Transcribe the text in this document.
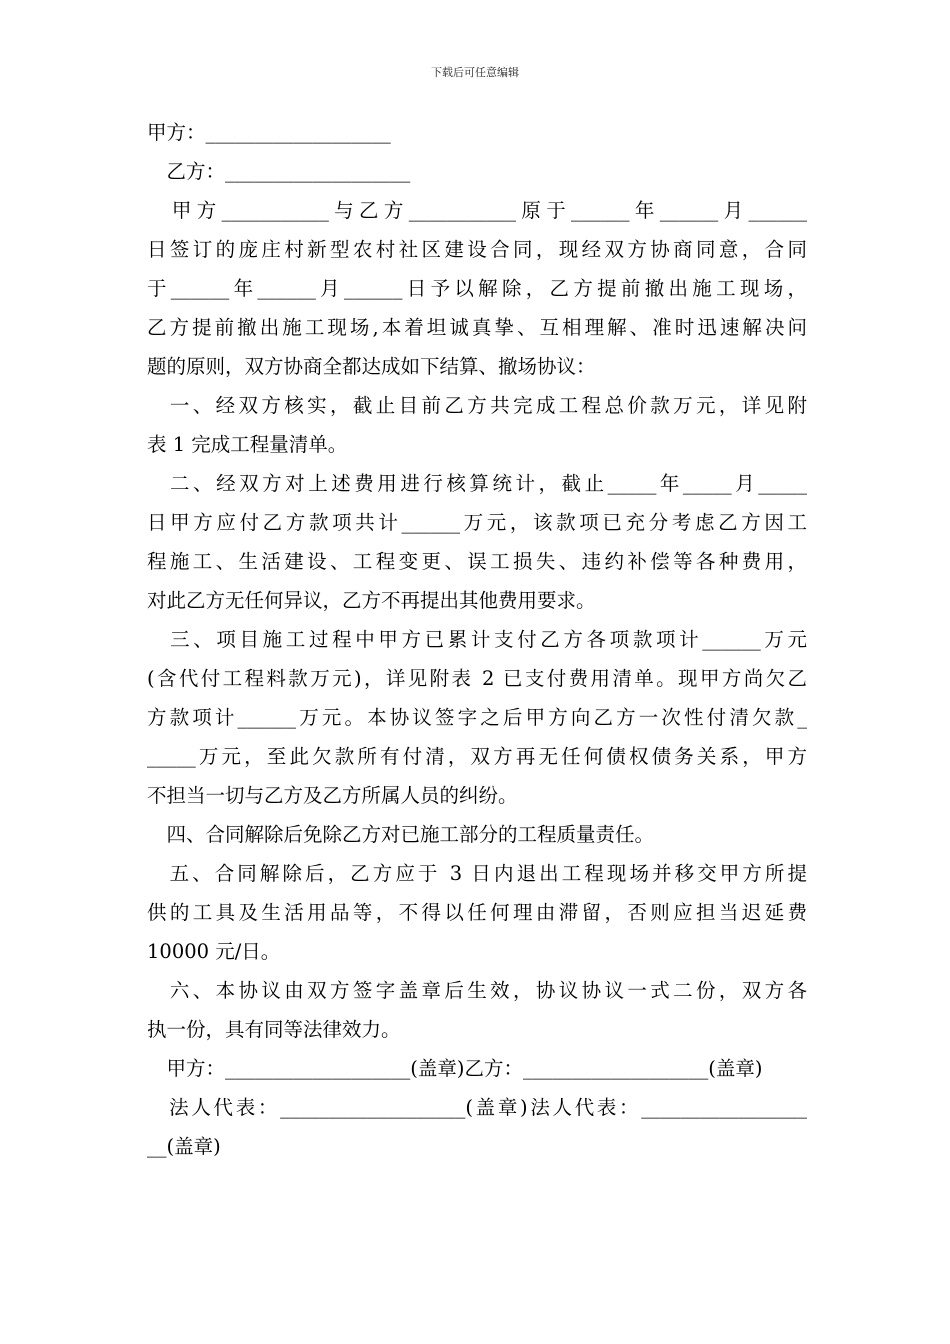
下载后可任意编辑
甲方：___________________
　乙方：___________________
　甲方___________与乙方___________原于______年______月______
日签订的庞庄村新型农村社区建设合同，现经双方协商同意，合同
于______年______月______日予以解除，乙方提前撤出施工现场，
乙方提前撤出施工现场,本着坦诚真挚、互相理解、准时迅速解决问
题的原则，双方协商全都达成如下结算、撤场协议：
　一、经双方核实，截止目前乙方共完成工程总价款万元，详见附
表 1 完成工程量清单。
　二、经双方对上述费用进行核算统计，截止_____年_____月_____
日甲方应付乙方款项共计______万元，该款项已充分考虑乙方因工
程施工、生活建设、工程变更、误工损失、违约补偿等各种费用，
对此乙方无任何异议，乙方不再提出其他费用要求。
　三、项目施工过程中甲方已累计支付乙方各项款项计______万元
(含代付工程料款万元)，详见附表 2 已支付费用清单。现甲方尚欠乙
方款项计______万元。本协议签字之后甲方向乙方一次性付清欠款_
_____万元，至此欠款所有付清，双方再无任何债权债务关系，甲方
不担当一切与乙方及乙方所属人员的纠纷。
　四、合同解除后免除乙方对已施工部分的工程质量责任。
　五、合同解除后，乙方应于 3 日内退出工程现场并移交甲方所提
供的工具及生活用品等，不得以任何理由滞留，否则应担当迟延费
10000 元/日。
　六、本协议由双方签字盖章后生效，协议协议一式二份，双方各
执一份，具有同等法律效力。
　甲方：___________________(盖章)乙方：___________________(盖章)
　法人代表：___________________(盖章)法人代表：_________________
__(盖章)
